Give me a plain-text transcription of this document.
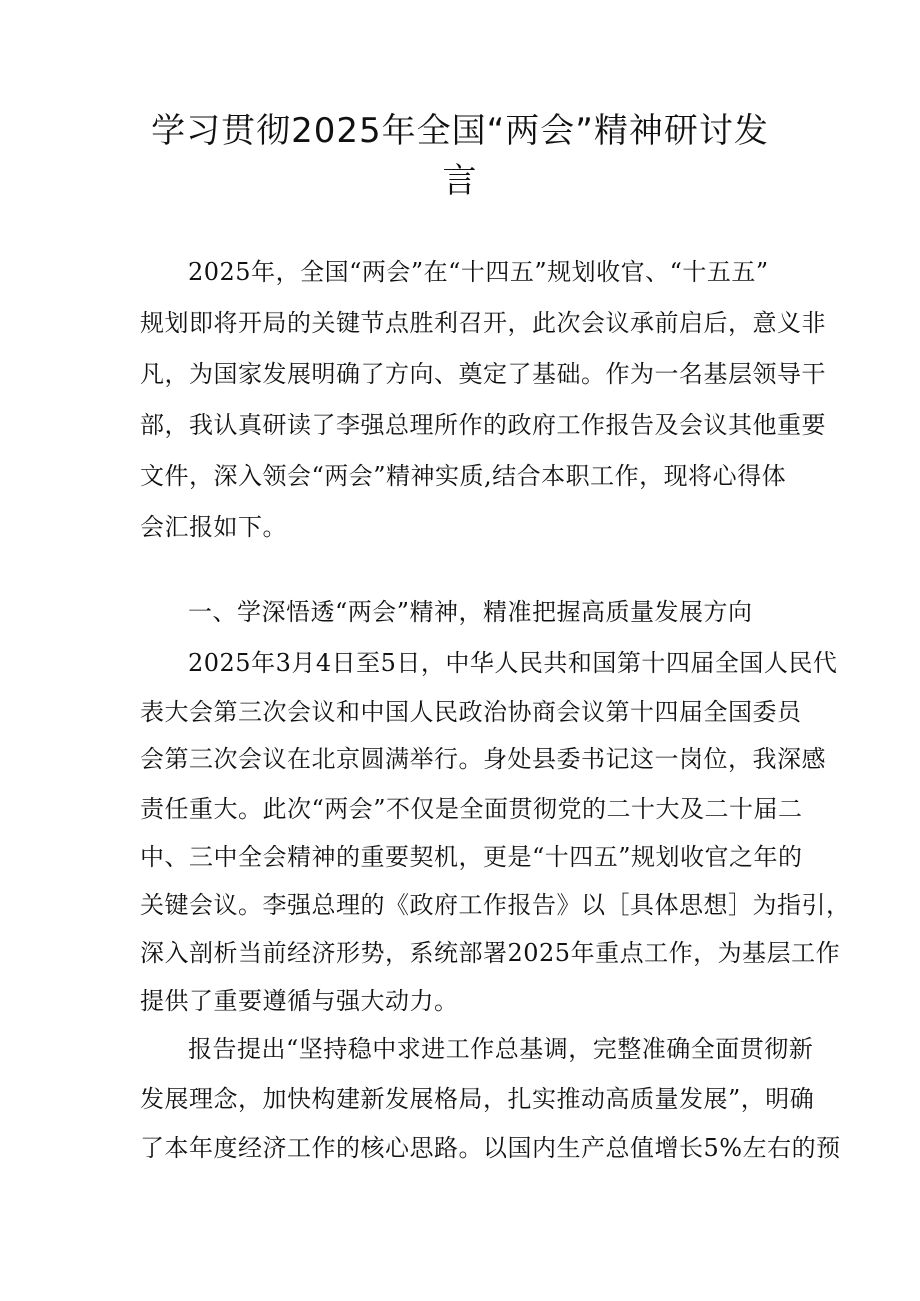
学习贯彻2025年全国“两会”精神研讨发
言
2025年，全国“两会”在“十四五”规划收官、“十五五”
规划即将开局的关键节点胜利召开，此次会议承前启后，意义非
凡，为国家发展明确了方向、奠定了基础。作为一名基层领导干
部，我认真研读了李强总理所作的政府工作报告及会议其他重要
文件，深入领会“两会”精神实质,结合本职工作，现将心得体
会汇报如下。
一、学深悟透“两会”精神，精准把握高质量发展方向
2025年3月4日至5日，中华人民共和国第十四届全国人民代
表大会第三次会议和中国人民政治协商会议第十四届全国委员
会第三次会议在北京圆满举行。身处县委书记这一岗位，我深感
责任重大。此次“两会”不仅是全面贯彻党的二十大及二十届二
中、三中全会精神的重要契机，更是“十四五”规划收官之年的
关键会议。李强总理的《政府工作报告》以［具体思想］为指引，
深入剖析当前经济形势，系统部署2025年重点工作，为基层工作
提供了重要遵循与强大动力。
报告提出“坚持稳中求进工作总基调，完整准确全面贯彻新
发展理念，加快构建新发展格局，扎实推动高质量发展”，明确
了本年度经济工作的核心思路。以国内生产总值增长5%左右的预
